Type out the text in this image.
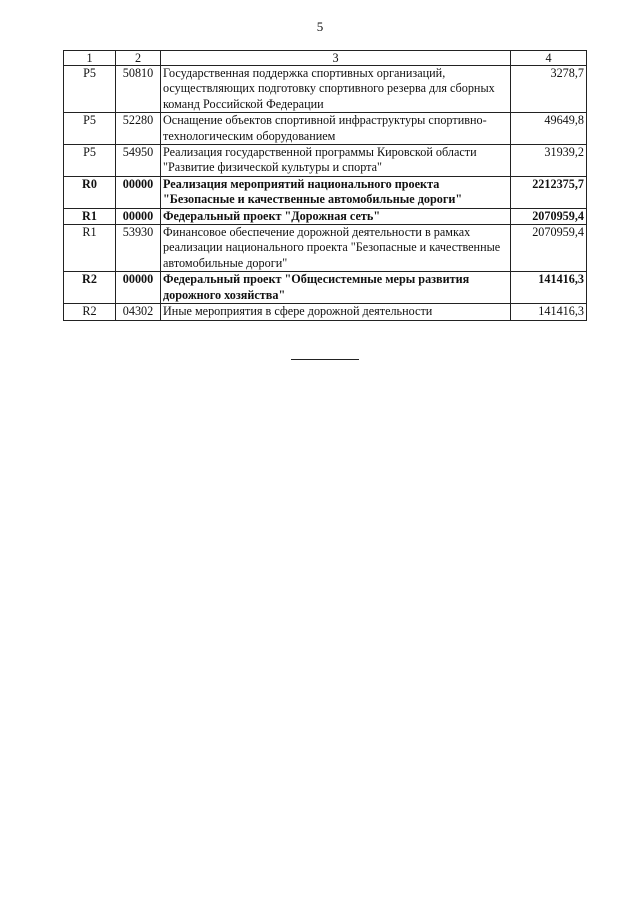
5
1	2	3	4
Р5	50810	Государственная поддержка спортивных организаций, осуществляющих подготовку спортивного резерва для сборных команд Российской Федерации	3278,7
Р5	52280	Оснащение объектов спортивной инфраструктуры спортивно-технологическим оборудованием	49649,8
Р5	54950	Реализация государственной программы Кировской области "Развитие физической культуры и спорта"	31939,2
R0	00000	Реализация мероприятий национального проекта "Безопасные и качественные автомобильные дороги"	2212375,7
R1	00000	Федеральный проект "Дорожная сеть"	2070959,4
R1	53930	Финансовое обеспечение дорожной деятельности в рамках реализации национального проекта "Безопасные и качественные автомобильные дороги"	2070959,4
R2	00000	Федеральный проект "Общесистемные меры развития дорожного хозяйства"	141416,3
R2	04302	Иные мероприятия в сфере дорожной деятельности	141416,3
